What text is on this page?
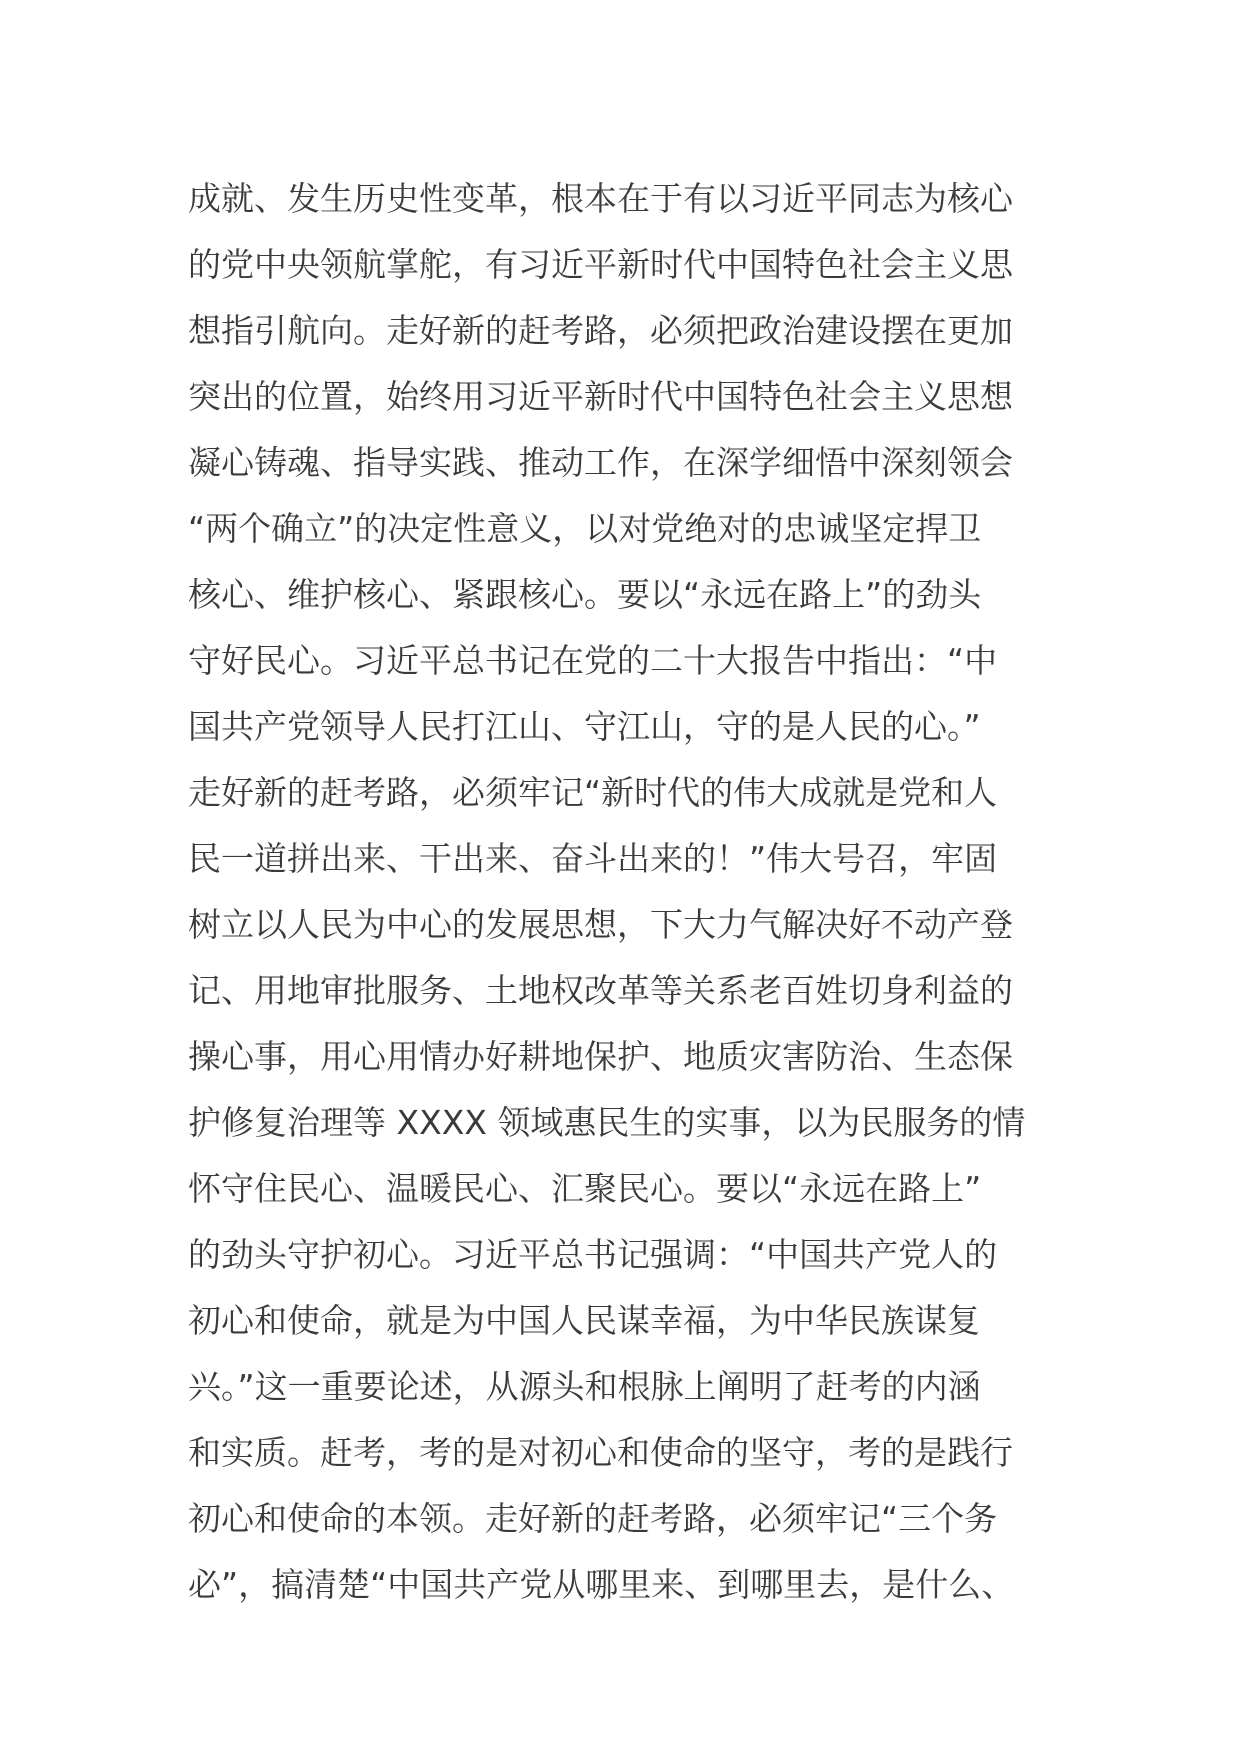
成就、发生历史性变革，根本在于有以习近平同志为核心
的党中央领航掌舵，有习近平新时代中国特色社会主义思
想指引航向。走好新的赶考路，必须把政治建设摆在更加
突出的位置，始终用习近平新时代中国特色社会主义思想
凝心铸魂、指导实践、推动工作，在深学细悟中深刻领会
“两个确立”的决定性意义，以对党绝对的忠诚坚定捍卫
核心、维护核心、紧跟核心。要以“永远在路上”的劲头
守好民心。习近平总书记在党的二十大报告中指出：“中
国共产党领导人民打江山、守江山，守的是人民的心。”
走好新的赶考路，必须牢记“新时代的伟大成就是党和人
民一道拼出来、干出来、奋斗出来的！”伟大号召，牢固
树立以人民为中心的发展思想，下大力气解决好不动产登
记、用地审批服务、土地权改革等关系老百姓切身利益的
操心事，用心用情办好耕地保护、地质灾害防治、生态保
护修复治理等 XXXX 领域惠民生的实事，以为民服务的情
怀守住民心、温暖民心、汇聚民心。要以“永远在路上”
的劲头守护初心。习近平总书记强调：“中国共产党人的
初心和使命，就是为中国人民谋幸福，为中华民族谋复
兴。”这一重要论述，从源头和根脉上阐明了赶考的内涵
和实质。赶考，考的是对初心和使命的坚守，考的是践行
初心和使命的本领。走好新的赶考路，必须牢记“三个务
必”，搞清楚“中国共产党从哪里来、到哪里去，是什么、
